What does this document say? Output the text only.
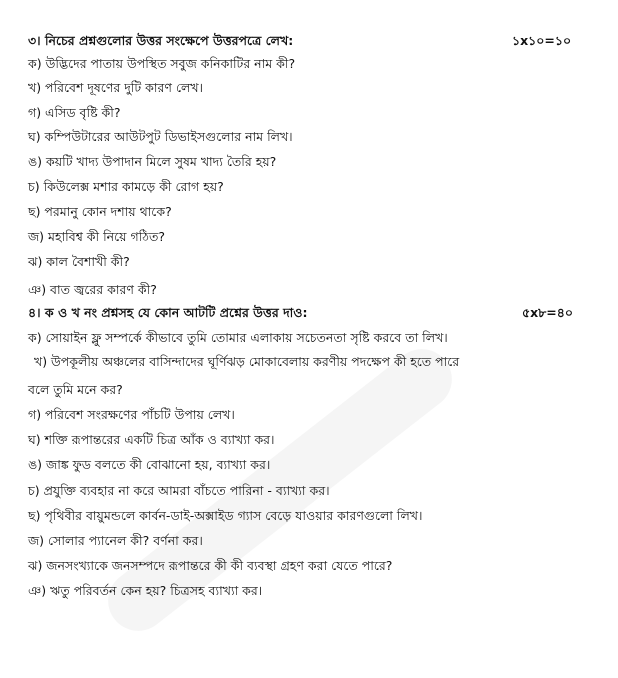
৩। নিচের প্রশ্নগুলোর উত্তর সংক্ষেপে উত্তরপত্রে লেখ:	১x১০=১০
ক) উদ্ভিদের পাতায় উপস্থিত সবুজ কনিকাটির নাম কী?
খ) পরিবেশ দূষণের দুটি কারণ লেখ।
গ) এসিড বৃষ্টি কী?
ঘ) কম্পিউটারের আউটপুট ডিভাইসগুলোর নাম লিখ।
ঙ) কয়টি খাদ্য উপাদান মিলে সুষম খাদ্য তৈরি হয়?
চ) কিউলেক্স মশার কামড়ে কী রোগ হয়?
ছ) পরমানু কোন দশায় থাকে?
জ) মহাবিশ্ব কী নিয়ে গঠিত?
ঝ) কাল বৈশাখী কী?
ঞ) বাত জ্বরের কারণ কী?
৪। ক ও খ নং প্রশ্নসহ যে কোন আটটি প্রশ্নের উত্তর দাও:	৫x৮=৪০
ক) সোয়াইন ফ্লু সম্পর্কে কীভাবে তুমি তোমার এলাকায় সচেতনতা সৃষ্টি করবে তা লিখ।
খ) উপকূলীয় অঞ্চলের বাসিন্দাদের ঘূর্ণিঝড় মোকাবেলায় করণীয় পদক্ষেপ কী হতে পারে
বলে তুমি মনে কর?
গ) পরিবেশ সংরক্ষণের পাঁচটি উপায় লেখ।
ঘ) শক্তি রূপান্তরের একটি চিত্র আঁক ও ব্যাখ্যা কর।
ঙ) জাঙ্ক ফুড বলতে কী বোঝানো হয়, ব্যাখ্যা কর।
চ) প্রযুক্তি ব্যবহার না করে আমরা বাঁচতে পারিনা - ব্যাখ্যা কর।
ছ) পৃথিবীর বায়ুমন্ডলে কার্বন-ডাই-অক্সাইড গ্যাস বেড়ে যাওয়ার কারণগুলো লিখ।
জ) সোলার প্যানেল কী? বর্ণনা কর।
ঝ) জনসংখ্যাকে জনসম্পদে রূপান্তরে কী কী ব্যবস্থা গ্রহণ করা যেতে পারে?
ঞ) ঋতু পরিবর্তন কেন হয়? চিত্রসহ ব্যাখ্যা কর।
